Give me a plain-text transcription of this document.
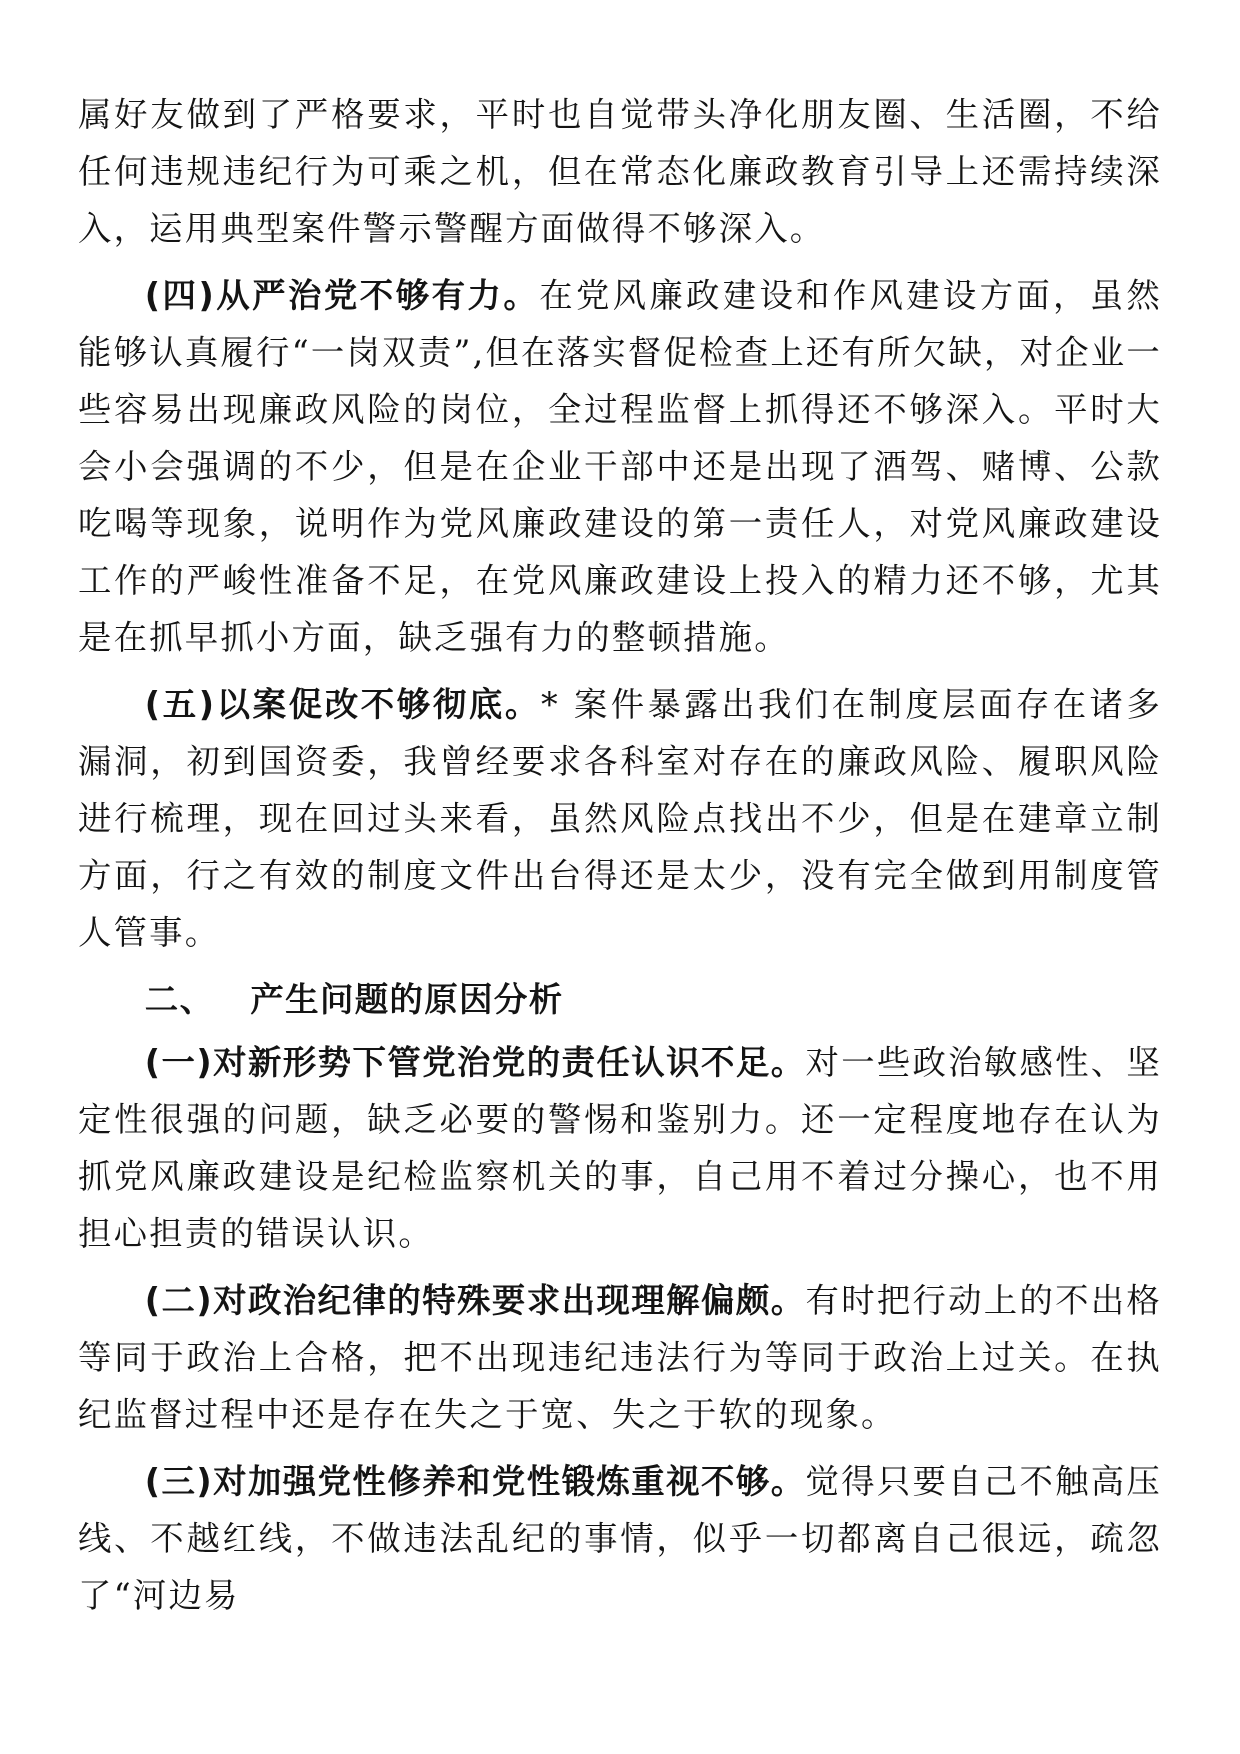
属好友做到了严格要求，平时也自觉带头净化朋友圈、生活圈，不给任何违规违纪行为可乘之机，但在常态化廉政教育引导上还需持续深入，运用典型案件警示警醒方面做得不够深入。

(四)从严治党不够有力。在党风廉政建设和作风建设方面，虽然能够认真履行“一岗双责”,但在落实督促检查上还有所欠缺，对企业一些容易出现廉政风险的岗位，全过程监督上抓得还不够深入。平时大会小会强调的不少，但是在企业干部中还是出现了酒驾、赌博、公款吃喝等现象，说明作为党风廉政建设的第一责任人，对党风廉政建设工作的严峻性准备不足，在党风廉政建设上投入的精力还不够，尤其是在抓早抓小方面，缺乏强有力的整顿措施。

(五)以案促改不够彻底。* 案件暴露出我们在制度层面存在诸多漏洞，初到国资委，我曾经要求各科室对存在的廉政风险、履职风险进行梳理，现在回过头来看，虽然风险点找出不少，但是在建章立制方面，行之有效的制度文件出台得还是太少，没有完全做到用制度管人管事。

二、 产生问题的原因分析

(一)对新形势下管党治党的责任认识不足。对一些政治敏感性、坚定性很强的问题，缺乏必要的警惕和鉴别力。还一定程度地存在认为抓党风廉政建设是纪检监察机关的事，自己用不着过分操心，也不用担心担责的错误认识。

(二)对政治纪律的特殊要求出现理解偏颇。有时把行动上的不出格等同于政治上合格，把不出现违纪违法行为等同于政治上过关。在执纪监督过程中还是存在失之于宽、失之于软的现象。

(三)对加强党性修养和党性锻炼重视不够。觉得只要自己不触高压线、不越红线，不做违法乱纪的事情，似乎一切都离自己很远，疏忽了“河边易
